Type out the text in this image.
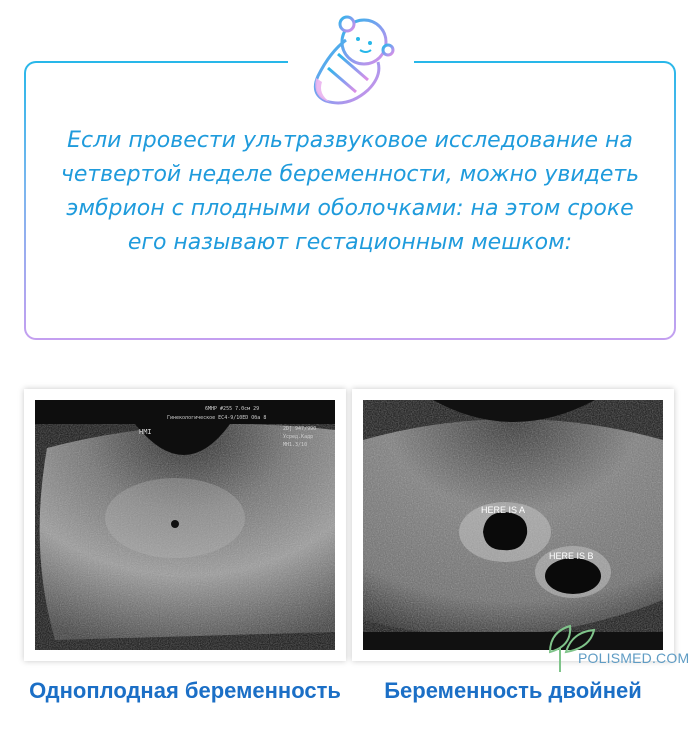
Если провести ультразвуковое исследование на четвертой неделе беременности, можно увидеть эмбрион с плодными оболочками: на этом сроке его называют гестационным мешком:

HMI
6MHP #255 7.0см 29
Гинекологическое EC4-9/10ED Оба 8
2D] 947/990
Усред.Кадр
MH1.3/10
HERE IS A
HERE IS B
Одноплодная беременность	Беременность двойней
POLISMED.COM
